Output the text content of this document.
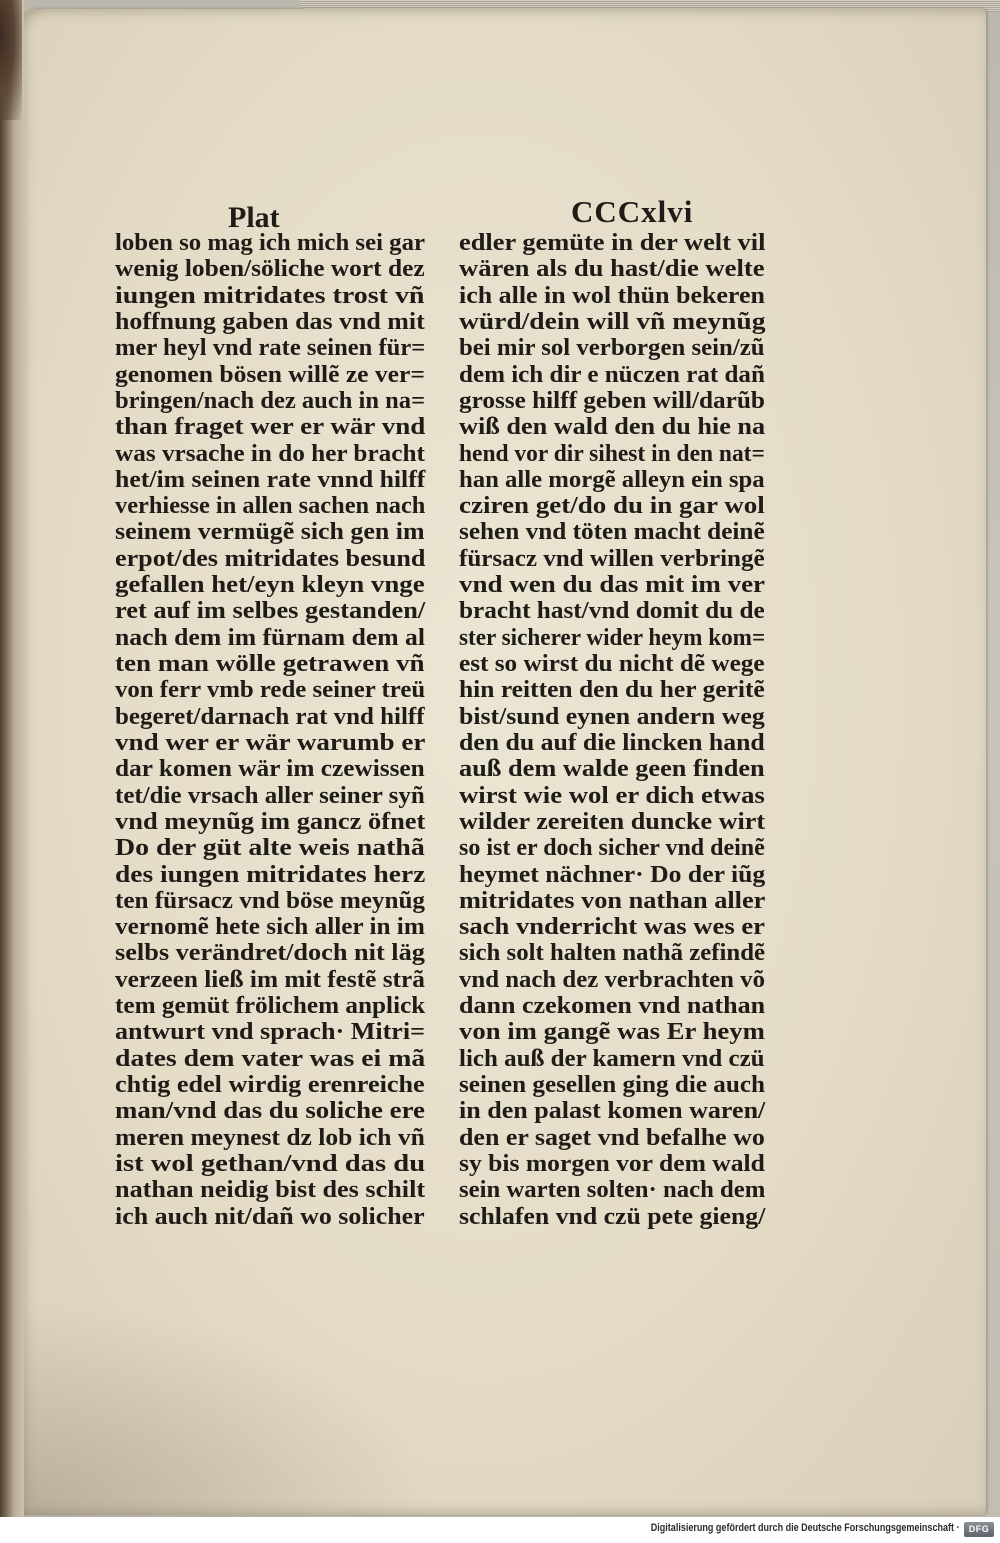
Plat	CCCxlvi
loben so mag ich mich sei gar
wenig loben/söliche wort dez
iungen mitridates trost vñ
hoffnung gaben das vnd mit
mer heyl vnd rate seinen für=
genomen bösen willẽ ze ver=
bringen/nach dez auch in na=
than fraget wer er wär vnd
was vrsache in do her bracht
het/im seinen rate vnnd hilff
verhiesse in allen sachen nach
seinem vermügẽ sich gen im
erpot/des mitridates besund
gefallen het/eyn kleyn vnge
ret auf im selbes gestanden/
nach dem im fürnam dem al
ten man wölle getrawen vñ
von ferr vmb rede seiner treü
begeret/darnach rat vnd hilff
vnd wer er wär warumb er
dar komen wär im czewissen
tet/die vrsach aller seiner syñ
vnd meynũg im gancz öfnet
Do der güt alte weis nathã
des iungen mitridates herz
ten fürsacz vnd böse meynũg
vernomẽ hete sich aller in im
selbs verändret/doch nit läg
verzeen ließ im mit festẽ strã
tem gemüt frölichem anplick
antwurt vnd sprach· Mitri=
dates dem vater was ei mã
chtig edel wirdig erenreiche
man/vnd das du soliche ere
meren meynest dz lob ich vñ
ist wol gethan/vnd das du
nathan neidig bist des schilt
ich auch nit/dañ wo solicher
edler gemüte in der welt vil
wären als du hast/die welte
ich alle in wol thün bekeren
würd/dein will vñ meynũg
bei mir sol verborgen sein/zũ
dem ich dir e nüczen rat dañ
grosse hilff geben will/darũb
wiß den wald den du hie na
hend vor dir sihest in den nat=
han alle morgẽ alleyn ein spa
cziren get/do du in gar wol
sehen vnd töten macht deinẽ
fürsacz vnd willen verbringẽ
vnd wen du das mit im ver
bracht hast/vnd domit du de
ster sicherer wider heym kom=
est so wirst du nicht dẽ wege
hin reitten den du her geritẽ
bist/sund eynen andern weg
den du auf die lincken hand
auß dem walde geen finden
wirst wie wol er dich etwas
wilder zereiten duncke wirt
so ist er doch sicher vnd deinẽ
heymet nächner· Do der iũg
mitridates von nathan aller
sach vnderricht was wes er
sich solt halten nathã zefindẽ
vnd nach dez verbrachten võ
dann czekomen vnd nathan
von im gangẽ was Er heym
lich auß der kamern vnd czü
seinen gesellen ging die auch
in den palast komen waren/
den er saget vnd befalhe wo
sy bis morgen vor dem wald
sein warten solten· nach dem
schlafen vnd czü pete gieng/
Digitalisierung gefördert durch die Deutsche Forschungsgemeinschaft · DFG
